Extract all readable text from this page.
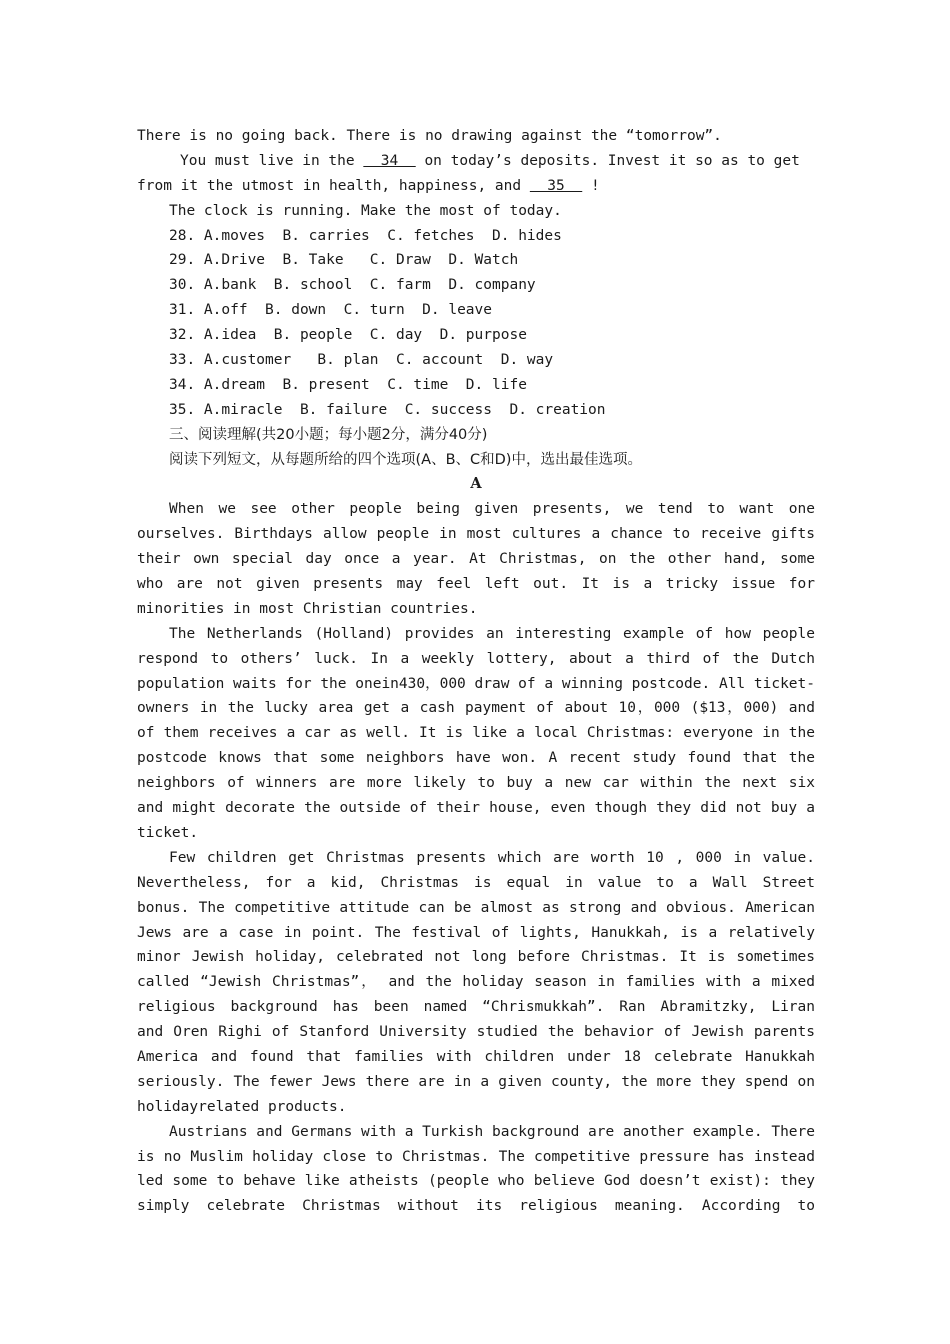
There is no going back. There is no drawing against the “tomorrow”.
You must live in the   34   on today’s deposits. Invest it so as to get
from it the utmost in health, happiness, and   35   !
The clock is running. Make the most of today.
28. A.moves  B. carries  C. fetches  D. hides
29. A.Drive  B. Take   C. Draw  D. Watch
30. A.bank  B. school  C. farm  D. company
31. A.off  B. down  C. turn  D. leave
32. A.idea  B. people  C. day  D. purpose
33. A.customer   B. plan  C. account  D. way
34. A.dream  B. present  C. time  D. life
35. A.miracle  B. failure  C. success  D. creation
三、阅读理解(共20小题；每小题2分，满分40分)
阅读下列短文，从每题所给的四个选项(A、B、C和D)中，选出最佳选项。
A
When we see other people being given presents, we tend to want one
ourselves. Birthdays allow people in most cultures a chance to receive gifts
their own special day once a year. At Christmas, on the other hand, some
who are not given presents may feel left out. It is a tricky issue for
minorities in most Christian countries.
The Netherlands (Holland) provides an interesting example of how people
respond to others’ luck. In a weekly lottery, about a third of the Dutch
population waits for the onein430，000 draw of a winning postcode. All ticket-
owners in the lucky area get a cash payment of about 10，000 ($13，000) and
of them receives a car as well. It is like a local Christmas: everyone in the
postcode knows that some neighbors have won. A recent study found that the
neighbors of winners are more likely to buy a new car within the next six
and might decorate the outside of their house, even though they did not buy a
ticket.
Few children get Christmas presents which are worth 10 , 000 in value.
Nevertheless, for a kid, Christmas is equal in value to a Wall Street
bonus. The competitive attitude can be almost as strong and obvious. American
Jews are a case in point. The festival of lights, Hanukkah, is a relatively
minor Jewish holiday, celebrated not long before Christmas. It is sometimes
called “Jewish Christmas”， and the holiday season in families with a mixed
religious background has been named “Chrismukkah”. Ran Abramitzky, Liran
and Oren Righi of Stanford University studied the behavior of Jewish parents
America and found that families with children under 18 celebrate Hanukkah
seriously. The fewer Jews there are in a given county, the more they spend on
holidayrelated products.
Austrians and Germans with a Turkish background are another example. There
is no Muslim holiday close to Christmas. The competitive pressure has instead
led some to behave like atheists (people who believe God doesn’t exist): they
simply celebrate Christmas without its religious meaning. According to
